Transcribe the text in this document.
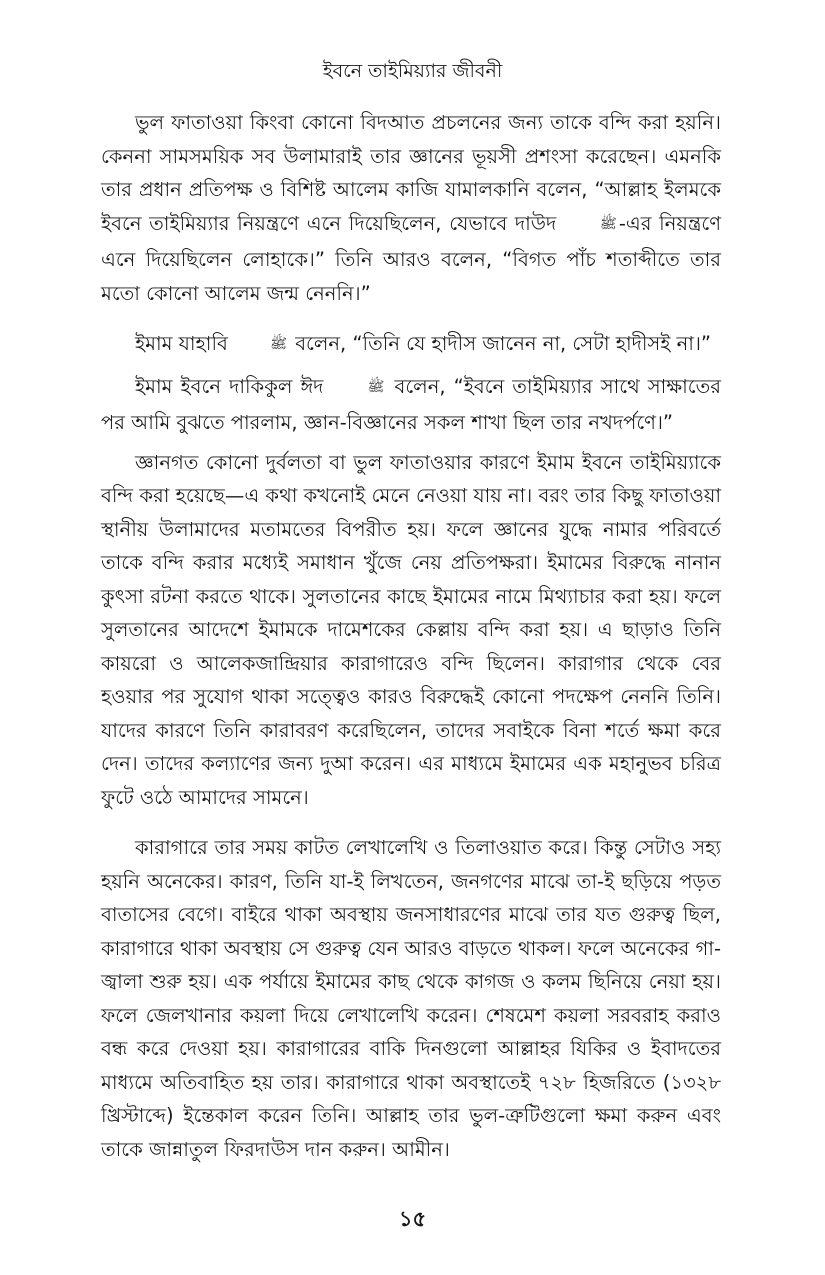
ইবনে তাইমিয়্যার জীবনী

ভুল ফাতাওয়া কিংবা কোনো বিদআত প্রচলনের জন্য তাকে বন্দি করা হয়নি। কেননা সামসময়িক সব উলামারাই তার জ্ঞানের ভূয়সী প্রশংসা করেছেন। এমনকি তার প্রধান প্রতিপক্ষ ও বিশিষ্ট আলেম কাজি যামালকানি বলেন, “আল্লাহ ইলমকে ইবনে তাইমিয়্যার নিয়ন্ত্রণে এনে দিয়েছিলেন, যেভাবে দাউদ	ﷺ -এর নিয়ন্ত্রণে এনে দিয়েছিলেন লোহাকে।” তিনি আরও বলেন, “বিগত পাঁচ শতাব্দীতে তার মতো কোনো আলেম জন্ম নেননি।”

ইমাম যাহাবি	ﷺ বলেন, “তিনি যে হাদীস জানেন না, সেটা হাদীসই না।”

ইমাম ইবনে দাকিকুল ঈদ	ﷺ বলেন, “ইবনে তাইমিয়্যার সাথে সাক্ষাতের পর আমি বুঝতে পারলাম, জ্ঞান-বিজ্ঞানের সকল শাখা ছিল তার নখদর্পণে।”

জ্ঞানগত কোনো দুর্বলতা বা ভুল ফাতাওয়ার কারণে ইমাম ইবনে তাইমিয়্যাকে বন্দি করা হয়েছে—এ কথা কখনোই মেনে নেওয়া যায় না। বরং তার কিছু ফাতাওয়া স্থানীয় উলামাদের মতামতের বিপরীত হয়। ফলে জ্ঞানের যুদ্ধে নামার পরিবর্তে তাকে বন্দি করার মধ্যেই সমাধান খুঁজে নেয় প্রতিপক্ষরা। ইমামের বিরুদ্ধে নানান কুৎসা রটনা করতে থাকে। সুলতানের কাছে ইমামের নামে মিথ্যাচার করা হয়। ফলে সুলতানের আদেশে ইমামকে দামেশকের কেল্লায় বন্দি করা হয়। এ ছাড়াও তিনি কায়রো ও আলেকজান্দ্রিয়ার কারাগারেও বন্দি ছিলেন। কারাগার থেকে বের হওয়ার পর সুযোগ থাকা সত্ত্বেও কারও বিরুদ্ধেই কোনো পদক্ষেপ নেননি তিনি। যাদের কারণে তিনি কারাবরণ করেছিলেন, তাদের সবাইকে বিনা শর্তে ক্ষমা করে দেন। তাদের কল্যাণের জন্য দুআ করেন। এর মাধ্যমে ইমামের এক মহানুভব চরিত্র ফুটে ওঠে আমাদের সামনে।

কারাগারে তার সময় কাটত লেখালেখি ও তিলাওয়াত করে। কিন্তু সেটাও সহ্য হয়নি অনেকের। কারণ, তিনি যা-ই লিখতেন, জনগণের মাঝে তা-ই ছড়িয়ে পড়ত বাতাসের বেগে। বাইরে থাকা অবস্থায় জনসাধারণের মাঝে তার যত গুরুত্ব ছিল, কারাগারে থাকা অবস্থায় সে গুরুত্ব যেন আরও বাড়তে থাকল। ফলে অনেকের গা-জ্বালা শুরু হয়। এক পর্যায়ে ইমামের কাছ থেকে কাগজ ও কলম ছিনিয়ে নেয়া হয়। ফলে জেলখানার কয়লা দিয়ে লেখালেখি করেন। শেষমেশ কয়লা সরবরাহ করাও বন্ধ করে দেওয়া হয়। কারাগারের বাকি দিনগুলো আল্লাহর যিকির ও ইবাদতের মাধ্যমে অতিবাহিত হয় তার। কারাগারে থাকা অবস্থাতেই ৭২৮ হিজরিতে (১৩২৮ খ্রিস্টাব্দে) ইন্তেকাল করেন তিনি। আল্লাহ তার ভুল-ত্রুটিগুলো ক্ষমা করুন এবং তাকে জান্নাতুল ফিরদাউস দান করুন। আমীন।

১৫
